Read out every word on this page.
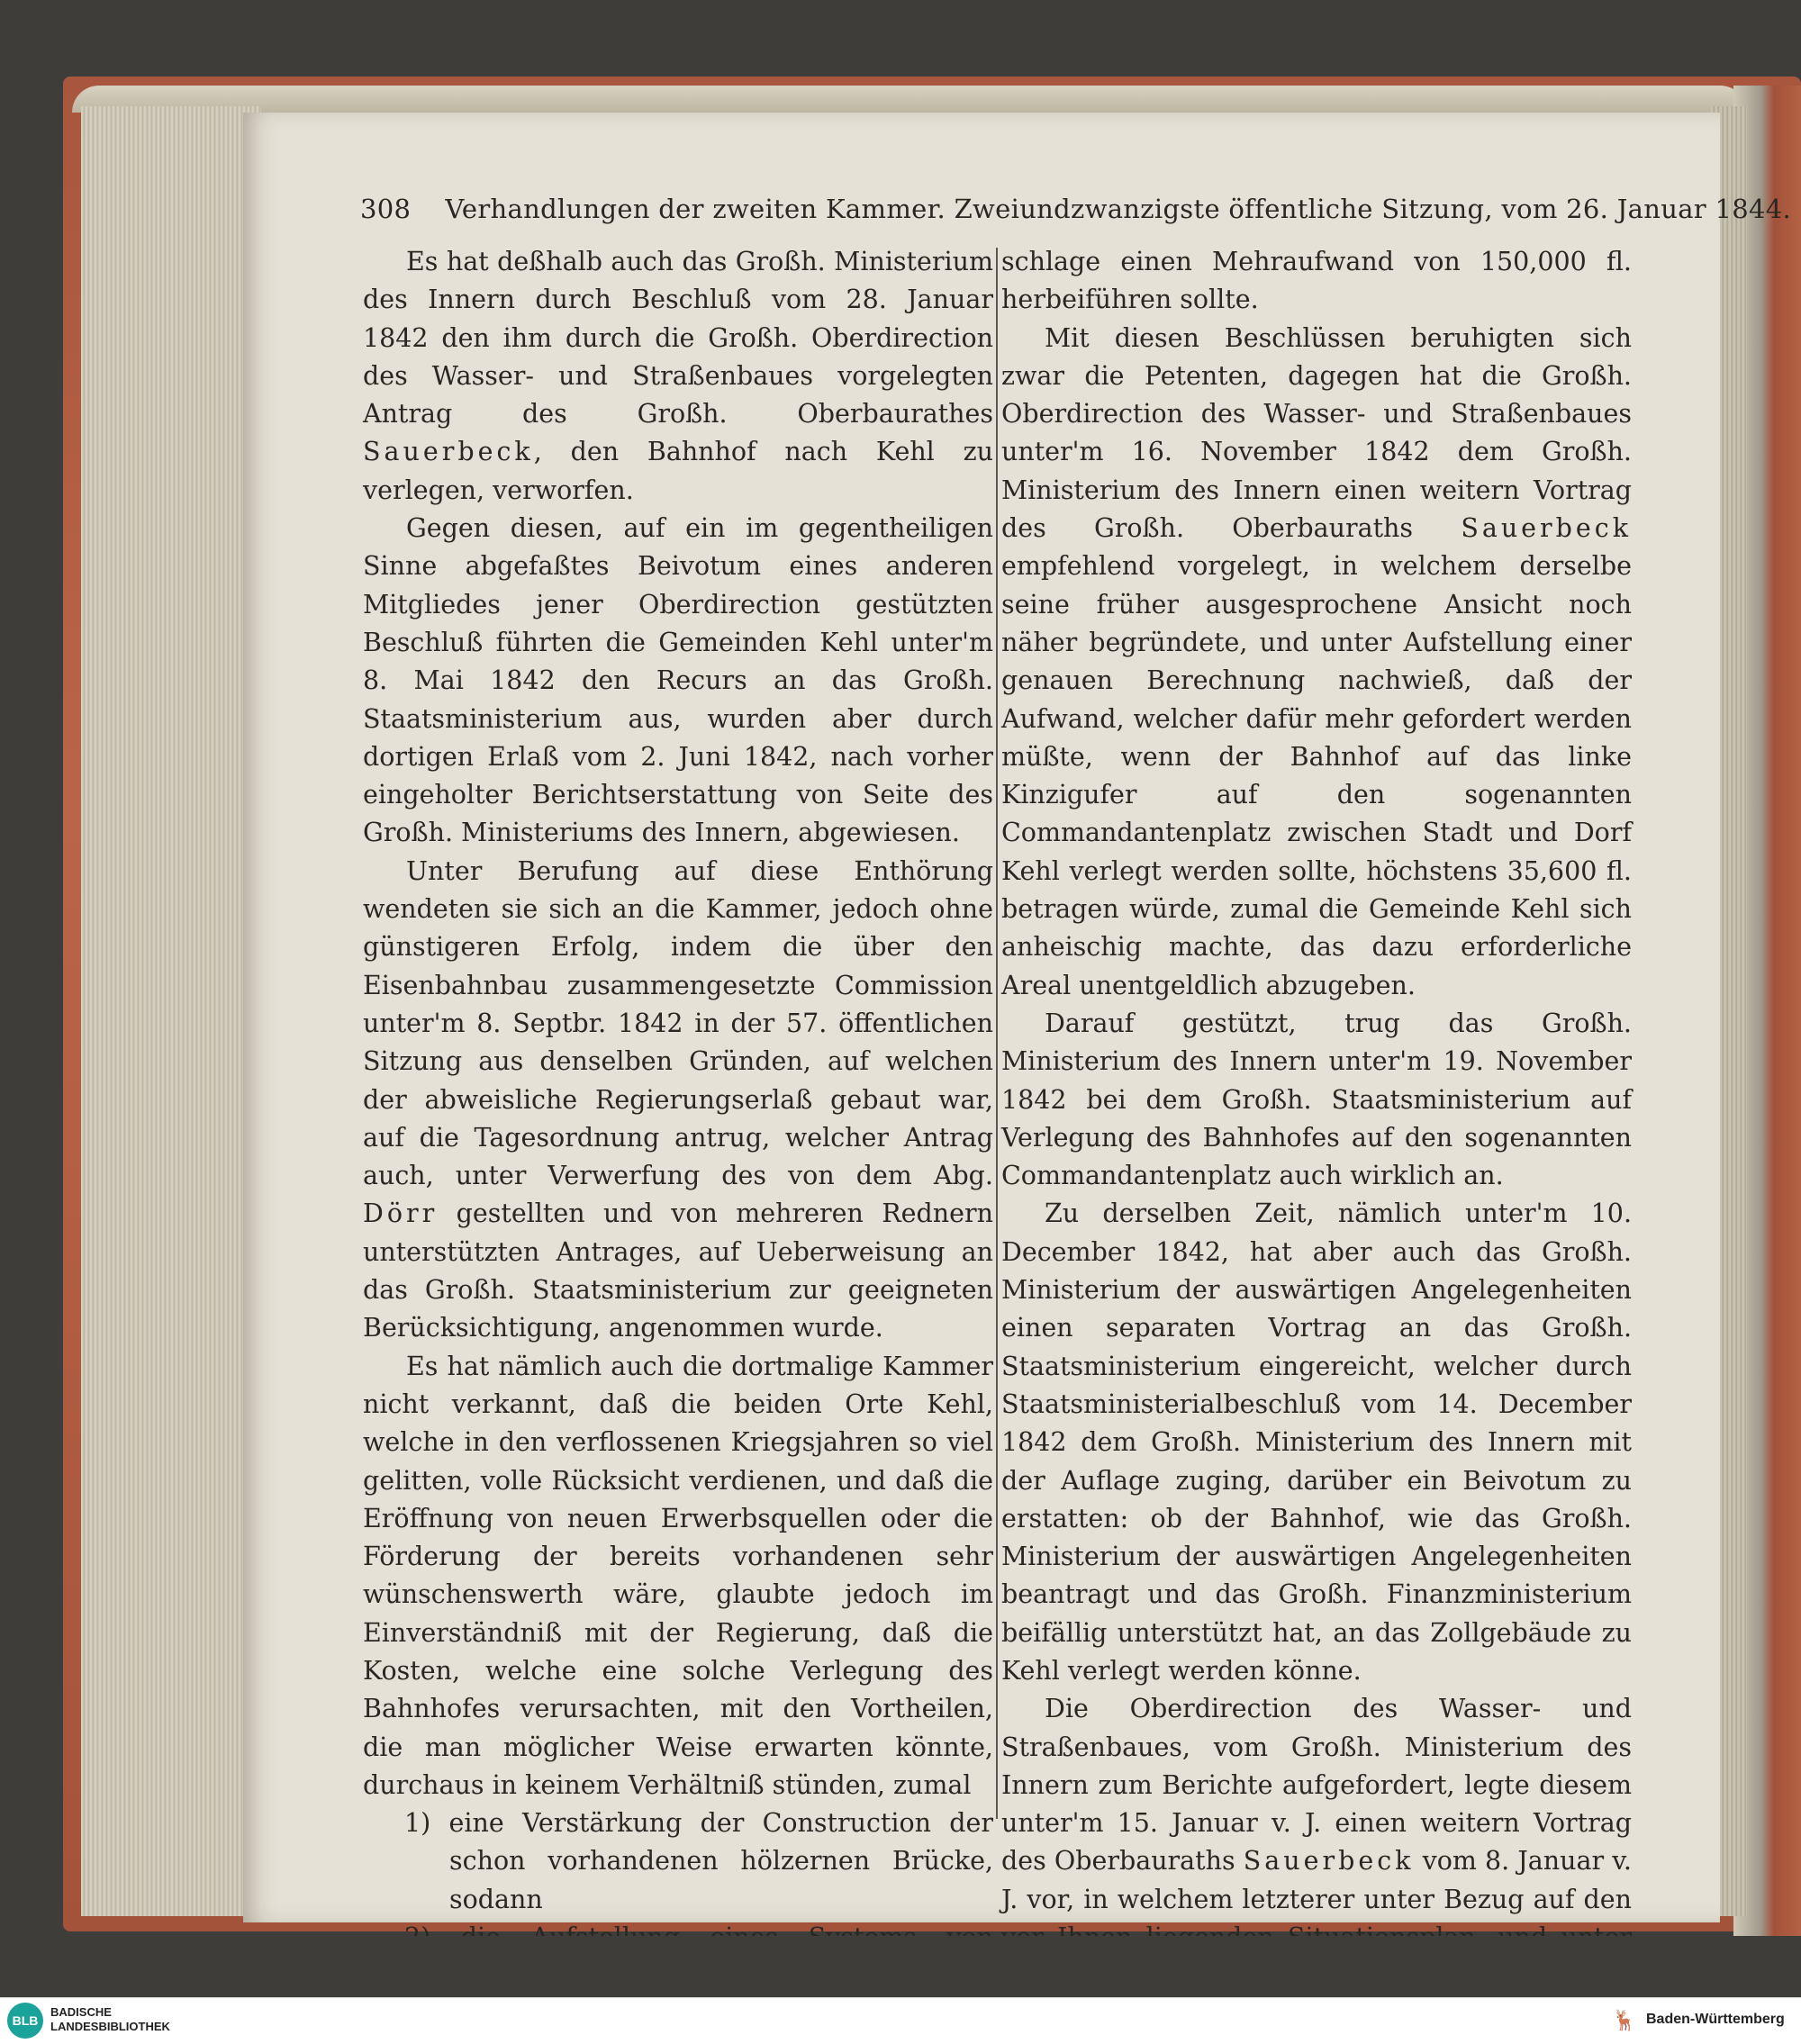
308 Verhandlungen der zweiten Kammer. Zweiundzwanzigste öffentliche Sitzung, vom 26. Januar 1844.

Es hat deßhalb auch das Großh. Ministerium des Innern durch Beschluß vom 28. Januar 1842 den ihm durch die Großh. Oberdirection des Wasser- und Straßenbaues vorgelegten Antrag des Großh. Oberbaurathes Sauerbeck, den Bahnhof nach Kehl zu verlegen, verworfen.

Gegen diesen, auf ein im gegentheiligen Sinne abgefaßtes Beivotum eines anderen Mitgliedes jener Oberdirection gestützten Beschluß führten die Gemeinden Kehl unter'm 8. Mai 1842 den Recurs an das Großh. Staatsministerium aus, wurden aber durch dortigen Erlaß vom 2. Juni 1842, nach vorher eingeholter Berichtserstattung von Seite des Großh. Ministeriums des Innern, abgewiesen.

Unter Berufung auf diese Enthörung wendeten sie sich an die Kammer, jedoch ohne günstigeren Erfolg, indem die über den Eisenbahnbau zusammengesetzte Commission unter'm 8. Septbr. 1842 in der 57. öffentlichen Sitzung aus denselben Gründen, auf welchen der abweisliche Regierungserlaß gebaut war, auf die Tagesordnung antrug, welcher Antrag auch, unter Verwerfung des von dem Abg. Dörr gestellten und von mehreren Rednern unterstützten Antrages, auf Ueberweisung an das Großh. Staatsministerium zur geeigneten Berücksichtigung, angenommen wurde.

Es hat nämlich auch die dortmalige Kammer nicht verkannt, daß die beiden Orte Kehl, welche in den verflossenen Kriegsjahren so viel gelitten, volle Rücksicht verdienen, und daß die Eröffnung von neuen Erwerbsquellen oder die Förderung der bereits vorhandenen sehr wünschenswerth wäre, glaubte jedoch im Einverständniß mit der Regierung, daß die Kosten, welche eine solche Verlegung des Bahnhofes verursachten, mit den Vortheilen, die man möglicher Weise erwarten könnte, durchaus in keinem Verhältniß stünden, zumal

1) eine Verstärkung der Construction der schon vorhandenen hölzernen Brücke, sodann

schlage einen Mehraufwand von 150,000 fl. herbeiführen sollte.

Mit diesen Beschlüssen beruhigten sich zwar die Petenten, dagegen hat die Großh. Oberdirection des Wasser- und Straßenbaues unter'm 16. November 1842 dem Großh. Ministerium des Innern einen weitern Vortrag des Großh. Oberbauraths Sauerbeck empfehlend vorgelegt, in welchem derselbe seine früher ausgesprochene Ansicht noch näher begründete, und unter Aufstellung einer genauen Berechnung nachwieß, daß der Aufwand, welcher dafür mehr gefordert werden müßte, wenn der Bahnhof auf das linke Kinzigufer auf den sogenannten Commandantenplatz zwischen Stadt und Dorf Kehl verlegt werden sollte, höchstens 35,600 fl. betragen würde, zumal die Gemeinde Kehl sich anheischig machte, das dazu erforderliche Areal unentgeldlich abzugeben.

Darauf gestützt, trug das Großh. Ministerium des Innern unter'm 19. November 1842 bei dem Großh. Staatsministerium auf Verlegung des Bahnhofes auf den sogenannten Commandantenplatz auch wirklich an.

Zu derselben Zeit, nämlich unter'm 10. December 1842, hat aber auch das Großh. Ministerium der auswärtigen Angelegenheiten einen separaten Vortrag an das Großh. Staatsministerium eingereicht, welcher durch Staatsministerialbeschluß vom 14. December 1842 dem Großh. Ministerium des Innern mit der Auflage zuging, darüber ein Beivotum zu erstatten: ob der Bahnhof, wie das Großh. Ministerium der auswärtigen Angelegenheiten beantragt und das Großh. Finanzministerium beifällig unterstützt hat, an das Zollgebäude zu Kehl verlegt werden könne.

Die Oberdirection des Wasser- und Straßenbaues, vom Großh. Ministerium des Innern zum Berichte aufgefordert, legte diesem unter'm 15. Januar v. J. einen weitern Vortrag des Oberbauraths Sauerbeck vom 8. Januar v. J. vor, in welchem letzterer unter Bezug auf den

BLB
BADISCHE
LANDESBIBLIOTHEK	🦌 Baden-Württemberg
